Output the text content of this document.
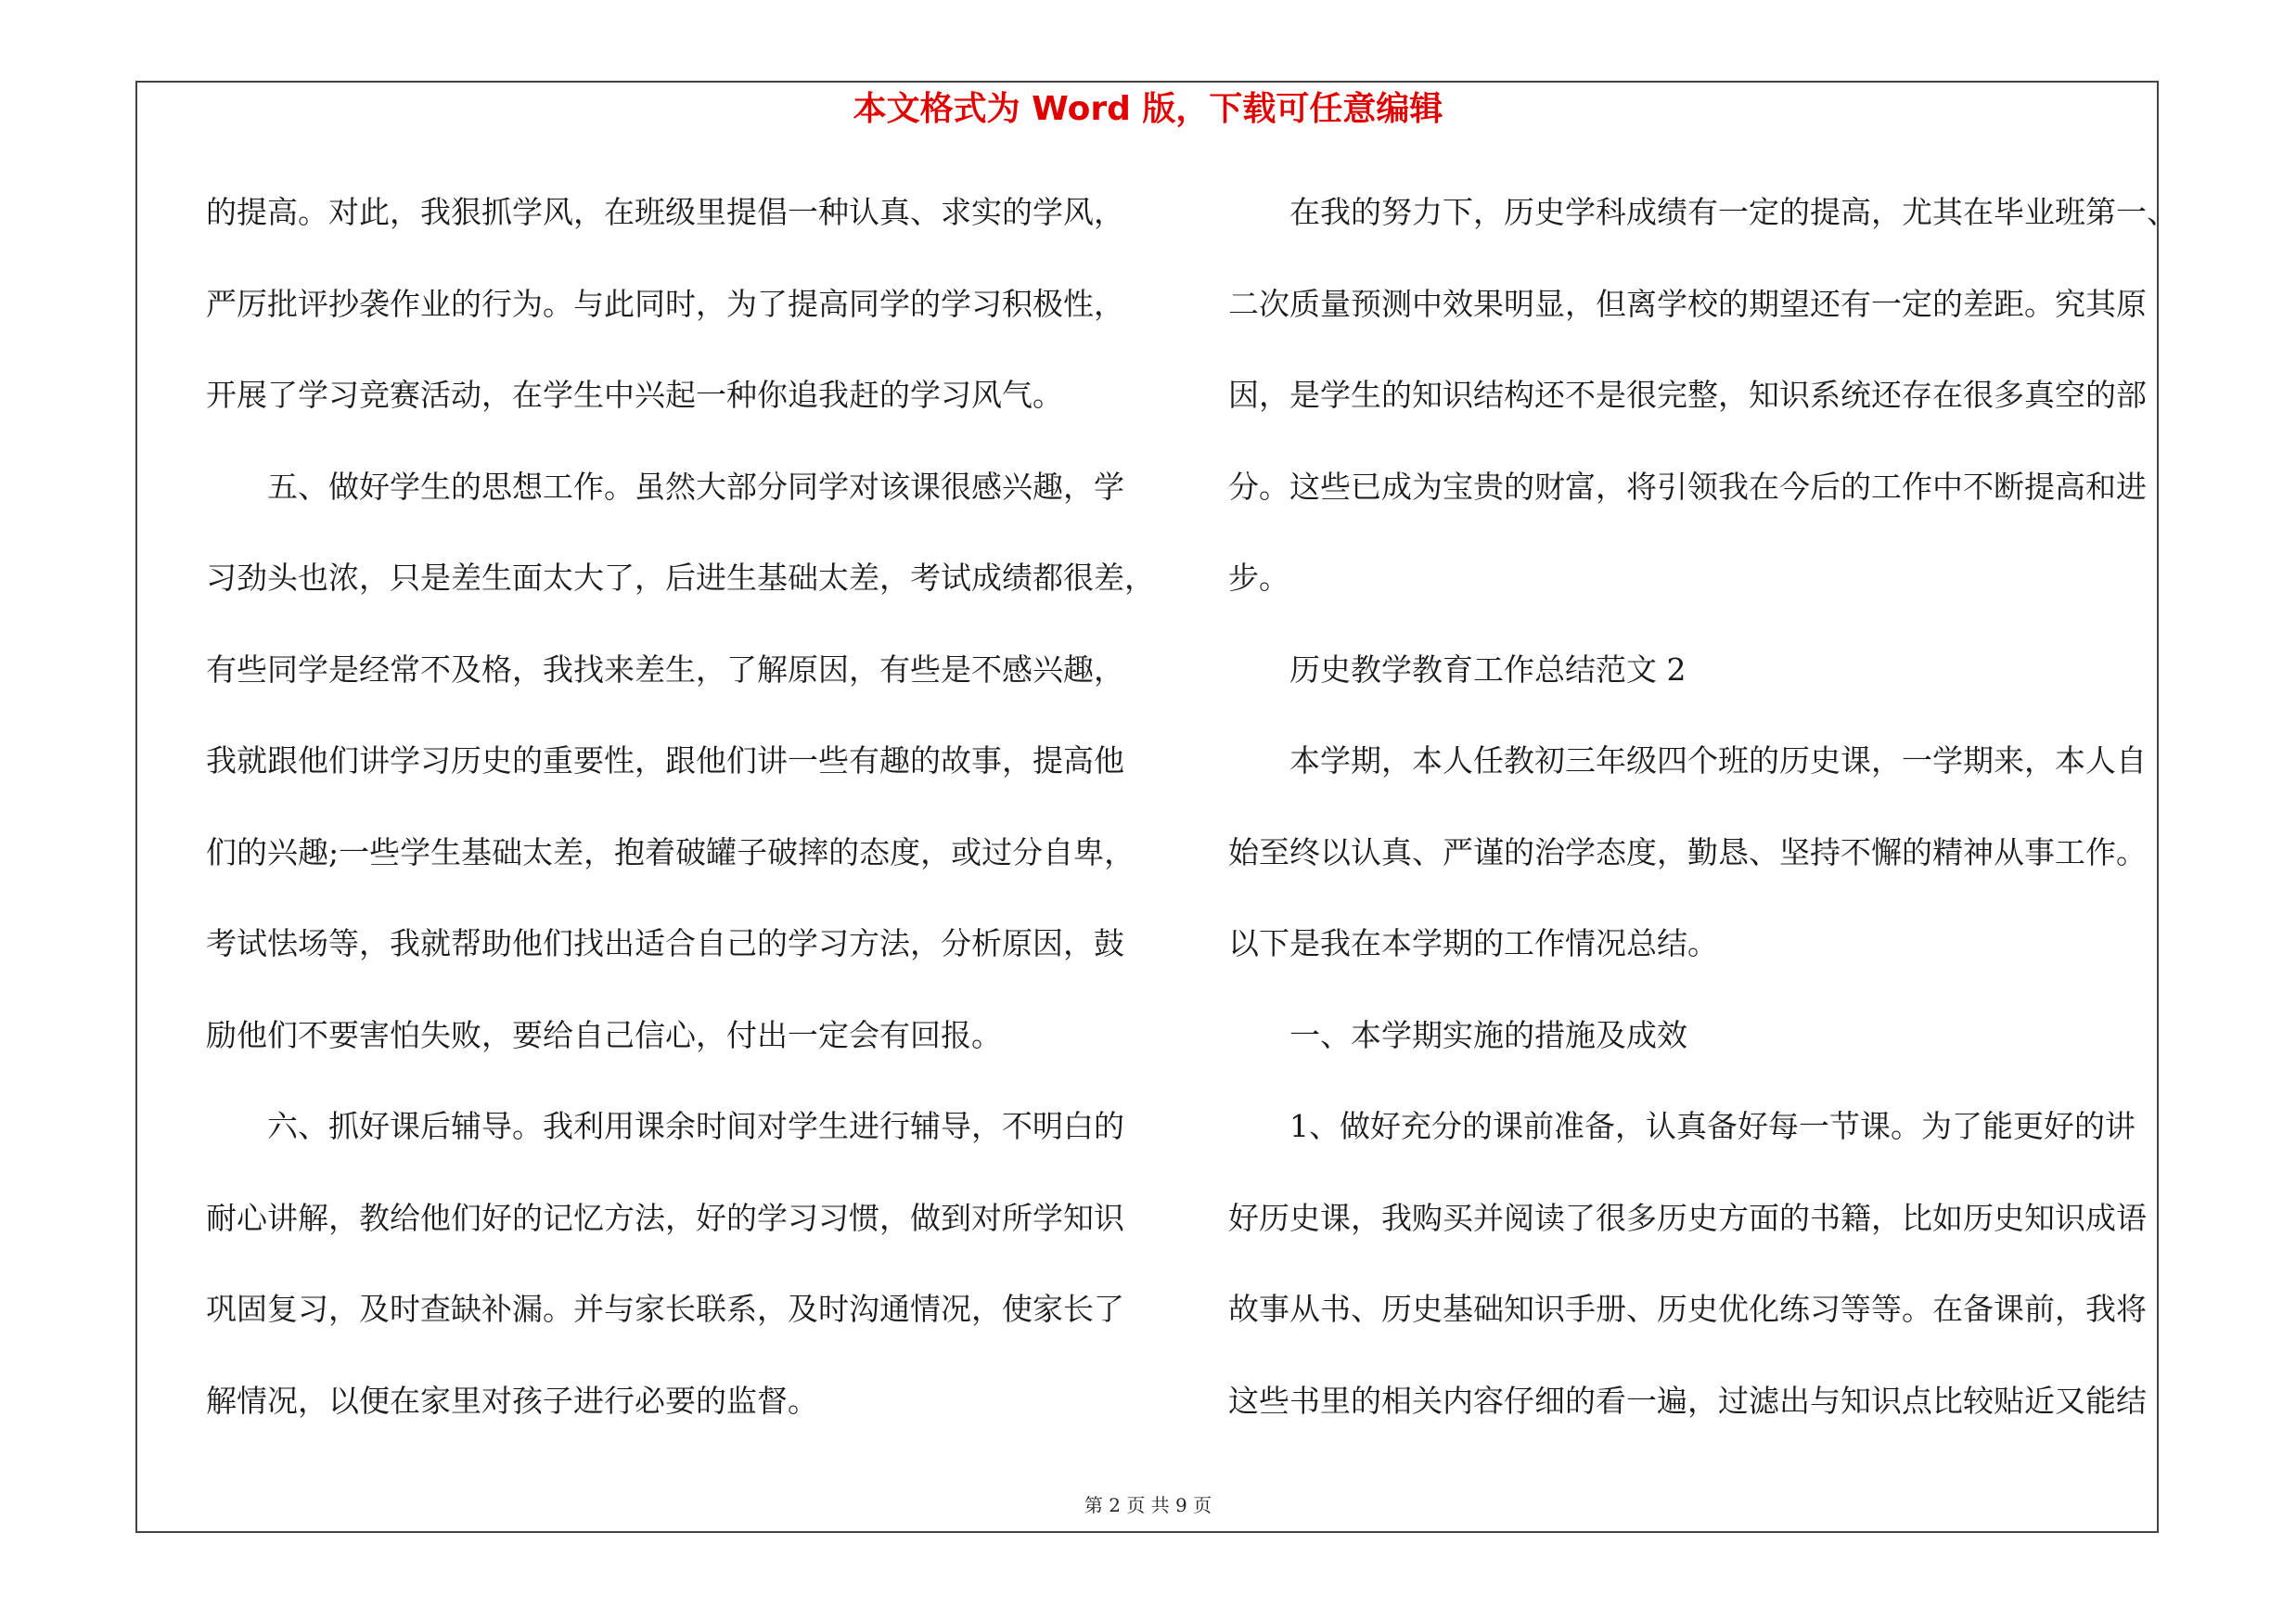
本文格式为 Word 版，下载可任意编辑
的提高。对此，我狠抓学风，在班级里提倡一种认真、求实的学风，
严厉批评抄袭作业的行为。与此同时，为了提高同学的学习积极性，
开展了学习竞赛活动，在学生中兴起一种你追我赶的学习风气。
　　五、做好学生的思想工作。虽然大部分同学对该课很感兴趣，学
习劲头也浓，只是差生面太大了，后进生基础太差，考试成绩都很差，
有些同学是经常不及格，我找来差生，了解原因，有些是不感兴趣，
我就跟他们讲学习历史的重要性，跟他们讲一些有趣的故事，提高他
们的兴趣;一些学生基础太差，抱着破罐子破摔的态度，或过分自卑，
考试怯场等，我就帮助他们找出适合自己的学习方法，分析原因，鼓
励他们不要害怕失败，要给自己信心，付出一定会有回报。
　　六、抓好课后辅导。我利用课余时间对学生进行辅导，不明白的
耐心讲解，教给他们好的记忆方法，好的学习习惯，做到对所学知识
巩固复习，及时查缺补漏。并与家长联系，及时沟通情况，使家长了
解情况，以便在家里对孩子进行必要的监督。
　　在我的努力下，历史学科成绩有一定的提高，尤其在毕业班第一、
二次质量预测中效果明显，但离学校的期望还有一定的差距。究其原
因，是学生的知识结构还不是很完整，知识系统还存在很多真空的部
分。这些已成为宝贵的财富，将引领我在今后的工作中不断提高和进
步。
　　历史教学教育工作总结范文 2
　　本学期，本人任教初三年级四个班的历史课，一学期来，本人自
始至终以认真、严谨的治学态度，勤恳、坚持不懈的精神从事工作。
以下是我在本学期的工作情况总结。
　　一、本学期实施的措施及成效
　　1、做好充分的课前准备，认真备好每一节课。为了能更好的讲
好历史课，我购买并阅读了很多历史方面的书籍，比如历史知识成语
故事从书、历史基础知识手册、历史优化练习等等。在备课前，我将
这些书里的相关内容仔细的看一遍，过滤出与知识点比较贴近又能结
第 2 页 共 9 页
